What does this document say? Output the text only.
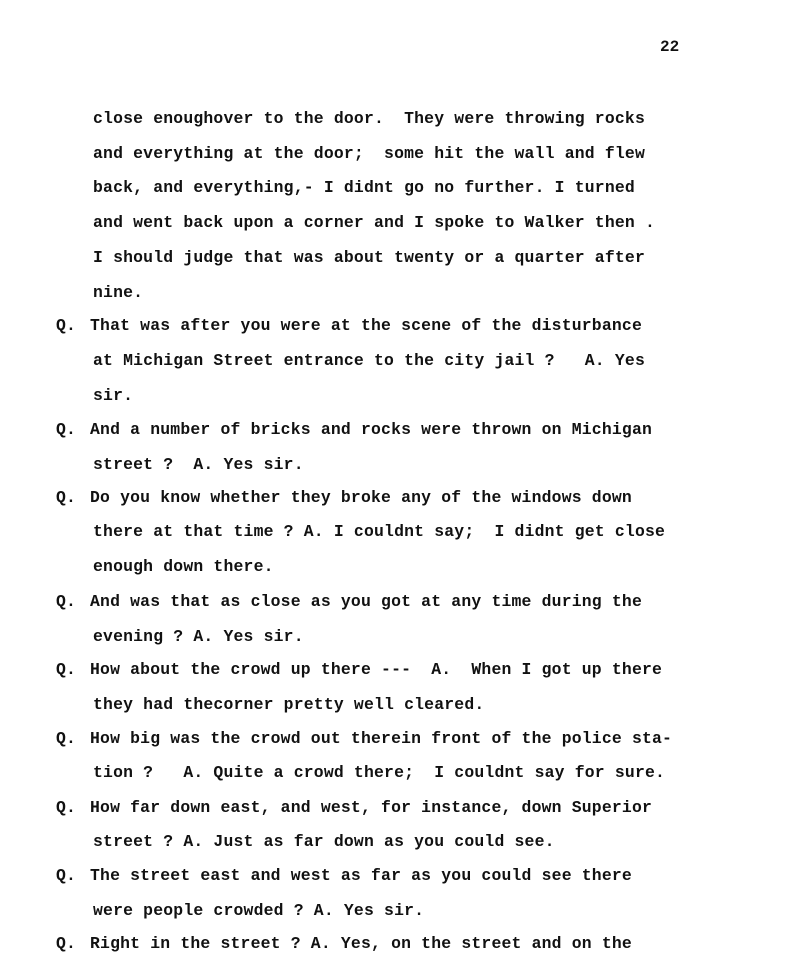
22
close enoughover to the door.  They were throwing rocks
and everything at the door;  some hit the wall and flew
back, and everything,- I didnt go no further. I turned
and went back upon a corner and I spoke to Walker then .
I should judge that was about twenty or a quarter after
nine.
Q. That was after you were at the scene of the disturbance
at Michigan Street entrance to the city jail ?   A. Yes
sir.
Q. And a number of bricks and rocks were thrown on Michigan
street ?  A. Yes sir.
Q. Do you know whether they broke any of the windows down
there at that time ? A. I couldnt say;  I didnt get close
enough down there.
Q. And was that as close as you got at any time during the
evening ? A. Yes sir.
Q. How about the crowd up there ---  A.  When I got up there
they had thecorner pretty well cleared.
Q. How big was the crowd out therein front of the police sta-
tion ?   A. Quite a crowd there;  I couldnt say for sure.
Q. How far down east, and west, for instance, down Superior
street ? A. Just as far down as you could see.
Q. The street east and west as far as you could see there
were people crowded ? A. Yes sir.
Q. Right in the street ? A. Yes, on the street and on the
